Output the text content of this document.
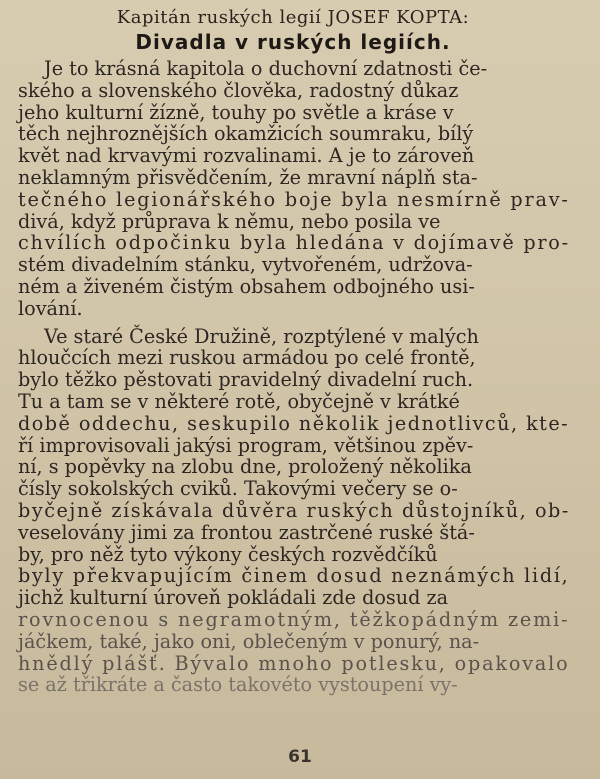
Kapitán ruských legií JOSEF KOPTA:
Divadla v ruských legiích.
Je to krásná kapitola o duchovní zdatnosti če-
ského a slovenského člověka, radostný důkaz
jeho kulturní žízně, touhy po světle a kráse v
těch nejhroznějších okamžicích soumraku, bílý
květ nad krvavými rozvalinami. A je to zároveň
neklamným přisvědčením, že mravní náplň sta-
tečného legionářského boje byla nesmírně prav-
divá, když průprava k němu, nebo posila ve
chvílích odpočinku byla hledána v dojímavě pro-
stém divadelním stánku, vytvořeném, udržova-
ném a živeném čistým obsahem odbojného usi-
lování.
Ve staré České Družině, rozptýlené v malých
hloučcích mezi ruskou armádou po celé frontě,
bylo těžko pěstovati pravidelný divadelní ruch.
Tu a tam se v některé rotě, obyčejně v krátké
době oddechu, seskupilo několik jednotlivců, kte-
ří improvisovali jakýsi program, většinou zpěv-
ní, s popěvky na zlobu dne, proložený několika
čísly sokolských cviků. Takovými večery se o-
byčejně získávala důvěra ruských důstojníků, ob-
veselovány jimi za frontou zastrčené ruské štá-
by, pro něž tyto výkony českých rozvědčíků
byly překvapujícím činem dosud neznámých lidí,
jichž kulturní úroveň pokládali zde dosud za
rovnocenou s negramotným, těžkopádným zemi-
jáčkem, také, jako oni, oblečeným v ponurý, na-
hnědlý plášť. Bývalo mnoho potlesku, opakovalo
se až třikráte a často takovéto vystoupení vy-
61
